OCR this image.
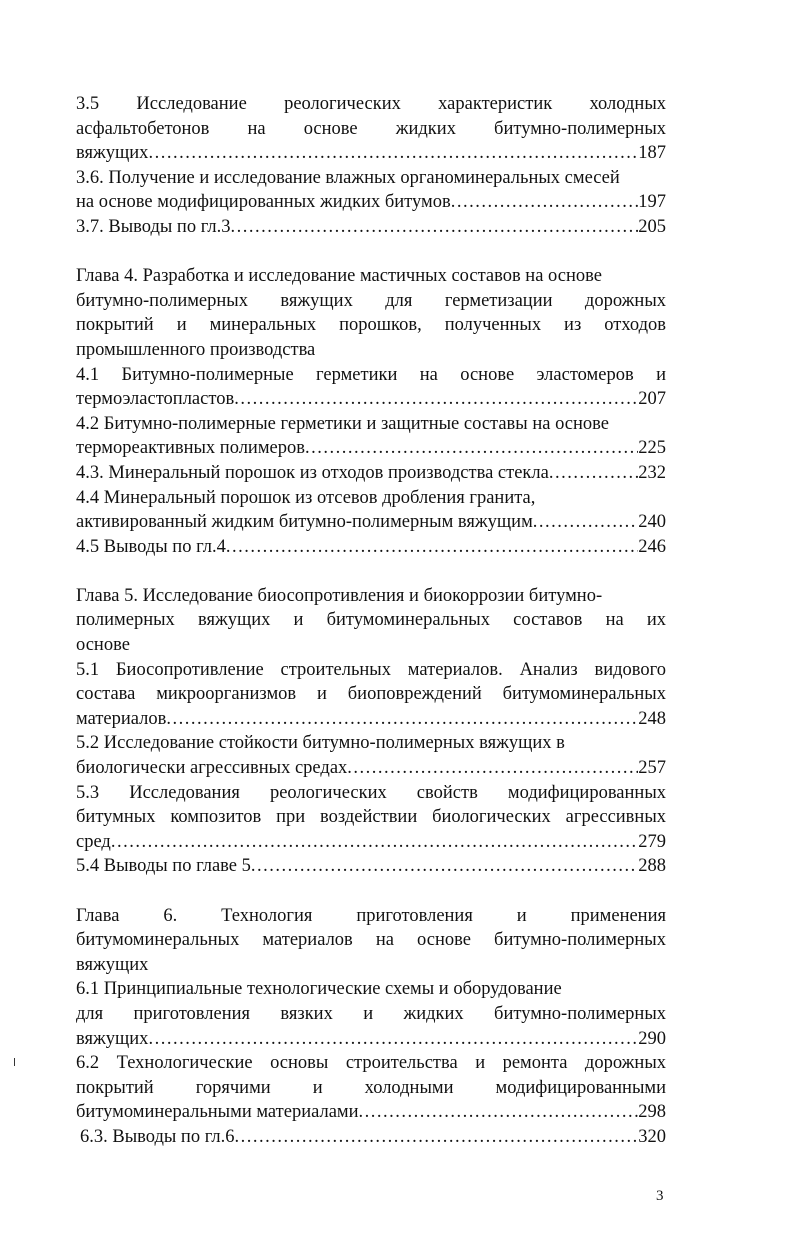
3.5 Исследование реологических характеристик холодных
асфальтобетонов на основе жидких битумно-полимерных
вяжущих .....	187
3.6. Получение и исследование влажных органоминеральных смесей
на основе модифицированных жидких битумов .....	197
3.7. Выводы по гл.3 .....	205
Глава 4. Разработка и исследование мастичных составов на основе
битумно-полимерных вяжущих для герметизации дорожных
покрытий и минеральных порошков, полученных из отходов
промышленного производства
4.1 Битумно-полимерные герметики на основе эластомеров и
термоэластопластов .....	207
4.2 Битумно-полимерные герметики и защитные составы на основе
термореактивных полимеров .....	225
4.3. Минеральный порошок из отходов производства стекла .....	232
4.4 Минеральный порошок из отсевов дробления гранита,
активированный жидким битумно-полимерным вяжущим .....	240
4.5 Выводы по гл.4 .....	246
Глава 5. Исследование биосопротивления и биокоррозии битумно-
полимерных вяжущих и битумоминеральных составов на их
основе
5.1 Биосопротивление строительных материалов. Анализ видового
состава микроорганизмов и биоповреждений битумоминеральных
материалов .....	248
5.2 Исследование стойкости битумно-полимерных вяжущих в
биологически агрессивных средах .....	257
5.3 Исследования реологических свойств модифицированных
битумных композитов при воздействии биологических агрессивных
сред .....	279
5.4 Выводы по главе 5 .....	288
Глава 6. Технология приготовления и применения
битумоминеральных материалов на основе битумно-полимерных
вяжущих
6.1 Принципиальные технологические схемы и оборудование
для приготовления вязких и жидких битумно-полимерных
вяжущих .....	290
6.2 Технологические основы строительства и ремонта дорожных
покрытий горячими и холодными модифицированными
битумоминеральными материалами .....	298
6.3. Выводы по гл.6 .....	320
3
